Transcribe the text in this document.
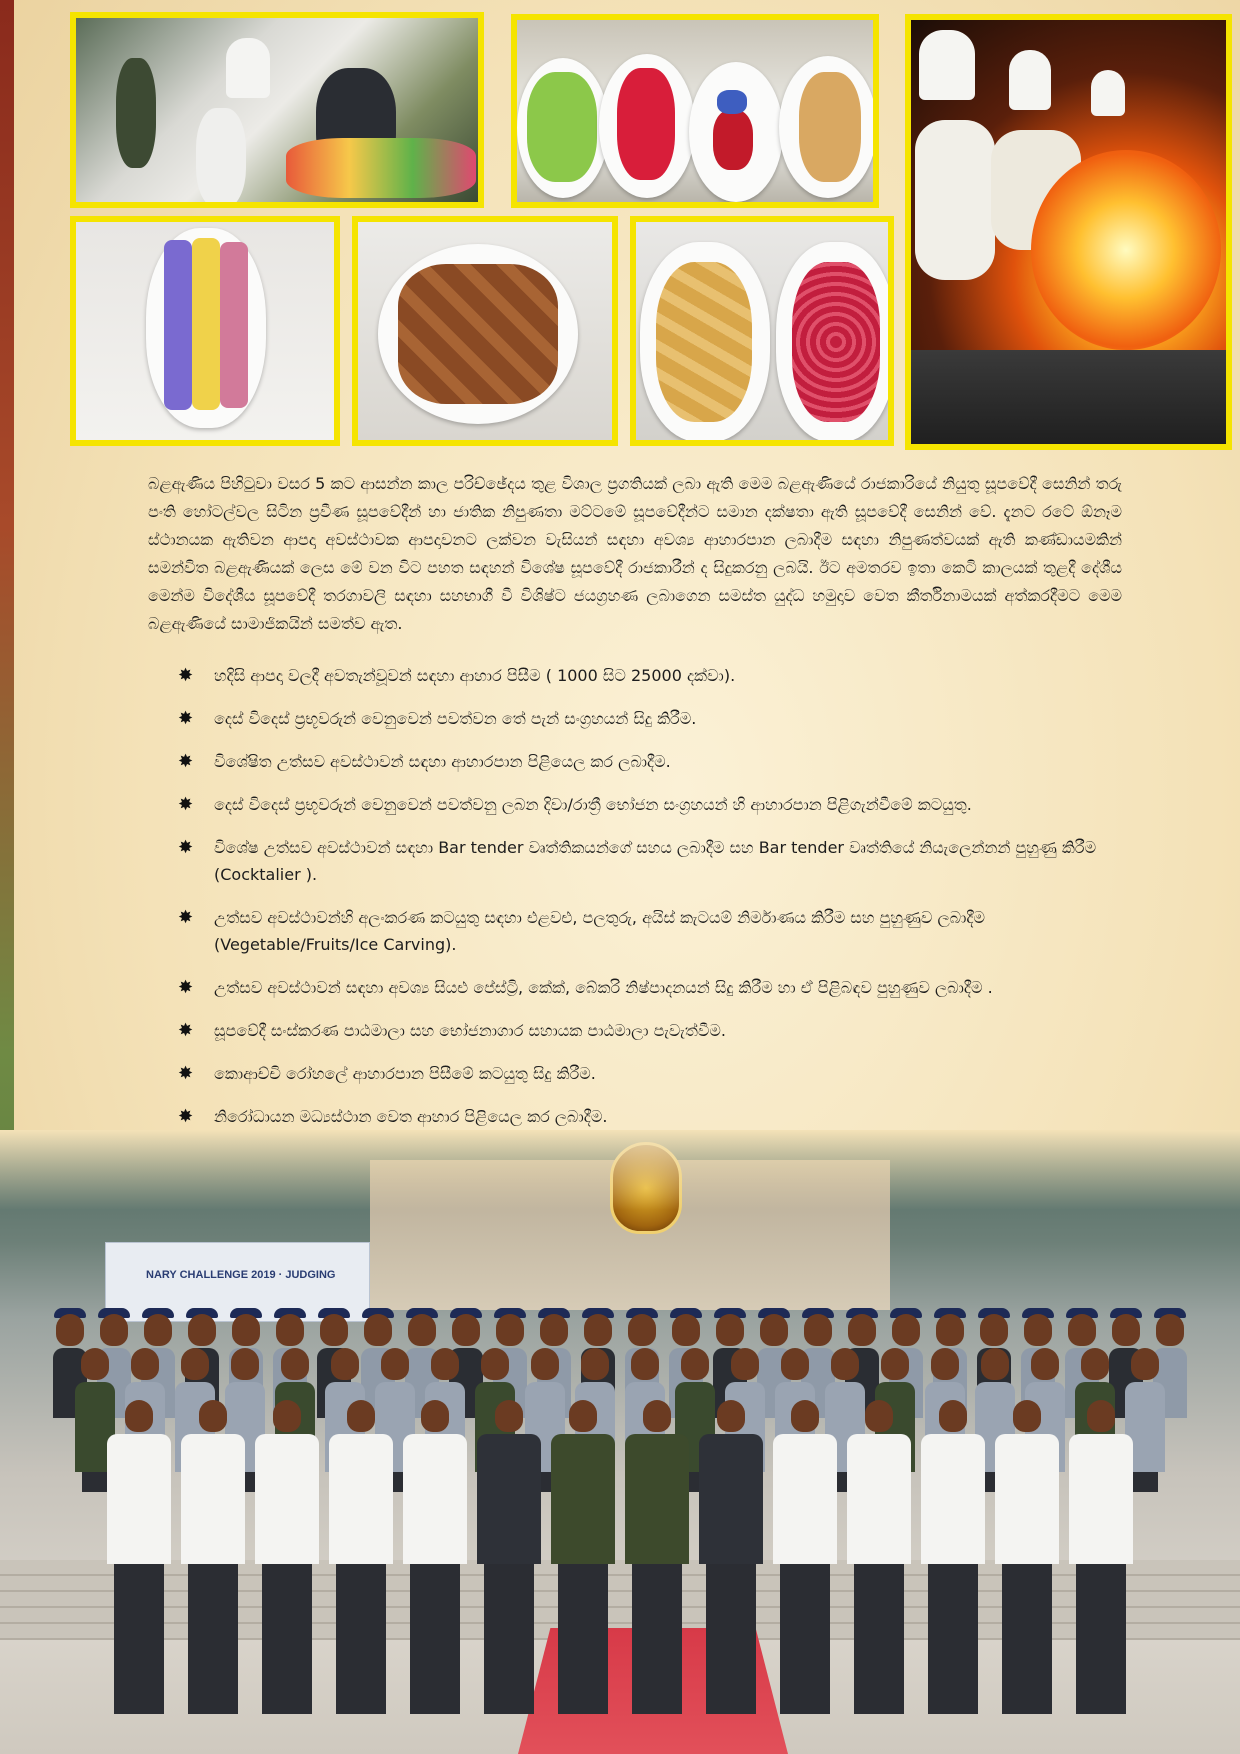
බළඇණිය පිහිටුවා වසර 5 කට ආසන්න කාල පරිච්ඡේදය තුළ විශාල ප්‍රගතියක් ලබා ඇති මෙම බළඇණියේ රාජකාරියේ නියුතු සූපවේදී සෙනින් තරු පංති හෝටල්වල සිටින ප්‍රවීණ සූපවේදීන් හා ජාතික නිපුණතා මට්ටමේ සූපවේදීන්ට සමාන දක්ෂතා ඇති සූපවේදී සෙනින් වේ. දැනට රටේ ඕනෑම ස්ථානයක ඇතිවන ආපදා අවස්ථාවක ආපදාවනට ලක්වන වැසියන් සඳහා අවශ්‍ය ආහාරපාන ලබාදීම සඳහා නිපුණත්වයක් ඇති කණ්ඩායමකින් සමන්විත බළඇණියක් ලෙස මේ වන විට පහත සඳහන් විශේෂ සූපවේදී රාජකාරීන් ද සිදුකරනු ලබයි. ඊට අමතරව ඉතා කෙටි කාලයක් තුළදී දේශීය මෙන්ම විදේශීය සූපවේදී තරගාවලි සඳහා සහභාගී වී විශිෂ්ට ජයග්‍රහණ ලබාගෙන සමස්ත යුද්ධ හමුදාව වෙත කීර්තිනාමයක් අත්කරදීමට මෙම බළඇණියේ සාමාජිකයින් සමත්ව ඇත.

✸ හදිසි ආපදා වලදී අවතැන්වූවන් සඳහා ආහාර පිසීම ( 1000 සිට 25000 දක්වා).
✸ දෙස් විදෙස් ප්‍රභූවරුන් වෙනුවෙන් පවත්වන තේ පැන් සංග්‍රහයන් සිදු කිරීම.
✸ විශේෂිත උත්සව අවස්ථාවන් සඳහා ආහාරපාන පිළියෙල කර ලබාදීම.
✸ දෙස් විදෙස් ප්‍රභූවරුන් වෙනුවෙන් පවත්වනු ලබන දිවා/රාත්‍රී භෝජන සංග්‍රහයන් හි ආහාරපාන පිළිගැන්වීමේ කටයුතු.
✸ විශේෂ උත්සව අවස්ථාවන් සඳහා Bar tender වෘත්තිකයන්ගේ සහය ලබාදීම සහ Bar tender වෘත්තියේ නියැලෙන්නන් පුහුණු කිරීම (Cocktalier ).
✸ උත්සව අවස්ථාවන්හි අලංකරණ කටයුතු සඳහා එළවළු, පලතුරු, අයිස් කැටයම් නිර්මාණය කිරීම සහ පුහුණුව ලබාදීම (Vegetable/Fruits/Ice Carving).
✸ උත්සව අවස්ථාවන් සඳහා අවශ්‍ය සියළු පේස්ට්‍රි, කේක්, බේකරි නිෂ්පාදනයන් සිදු කිරීම හා ඒ පිළිබඳව පුහුණුව ලබාදීම .
✸ සූපවේදී සංස්කරණ පාඨමාලා සහ භෝජනාගාර සහායක පාඨමාලා පැවැත්වීම.
✸ කොආච්චි රෝහලේ ආහාරපාන පිසීමේ කටයුතු සිදු කිරීම.
✸ නිරෝධායන මධ්‍යස්ථාන වෙත ආහාර පිළියෙල කර ලබාදීම.
NARY CHALLENGE 2019 · JUDGING
